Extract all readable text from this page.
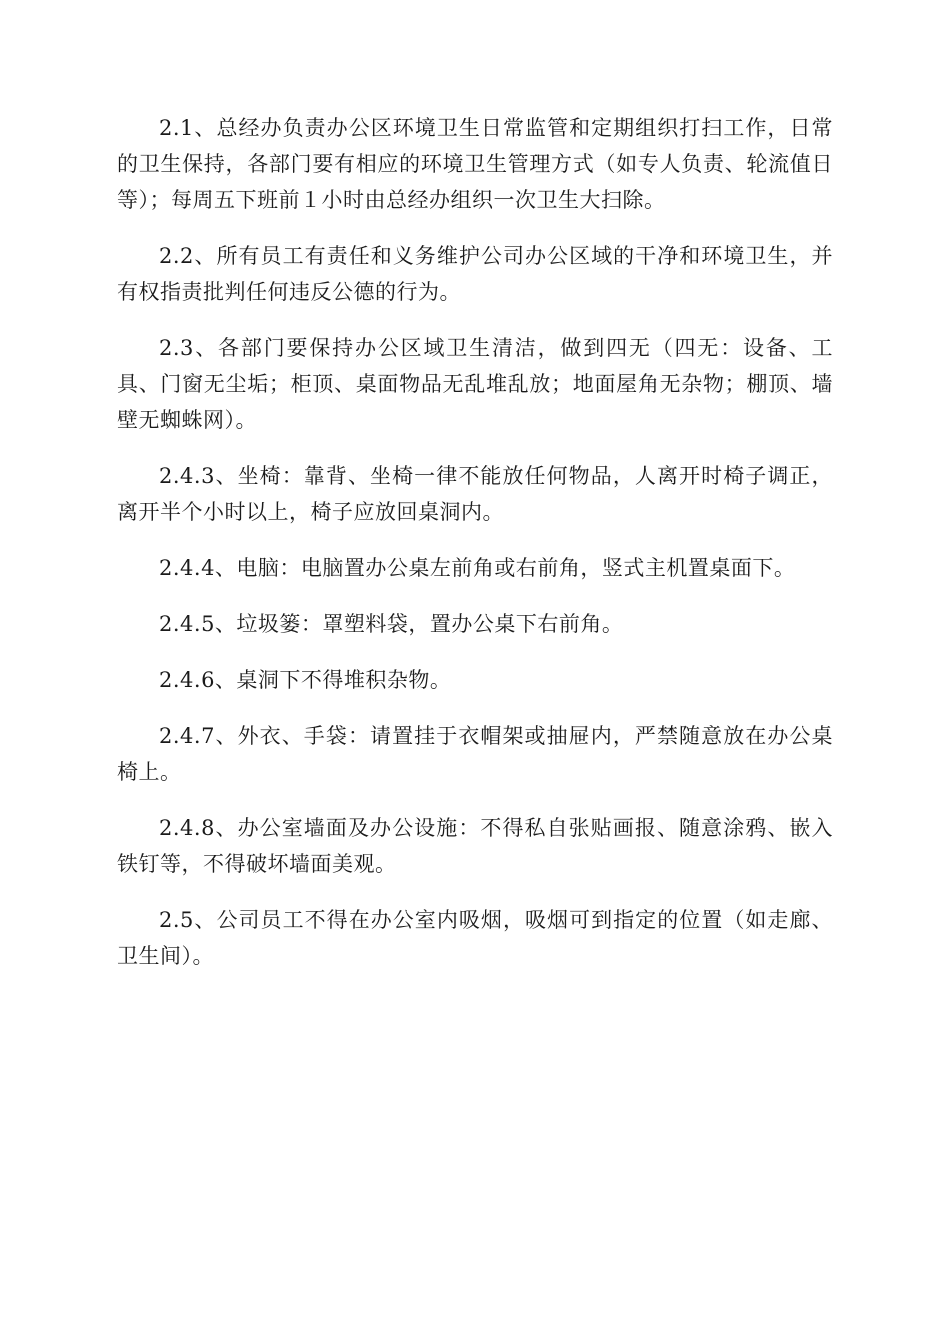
2.1、总经办负责办公区环境卫生日常监管和定期组织打扫工作，日常的卫生保持，各部门要有相应的环境卫生管理方式（如专人负责、轮流值日等）；每周五下班前１小时由总经办组织一次卫生大扫除。

2.2、所有员工有责任和义务维护公司办公区域的干净和环境卫生，并有权指责批判任何违反公德的行为。

2.3、各部门要保持办公区域卫生清洁，做到四无（四无：设备、工具、门窗无尘垢；柜顶、桌面物品无乱堆乱放；地面屋角无杂物；棚顶、墙壁无蜘蛛网）。

2.4.3、坐椅：靠背、坐椅一律不能放任何物品，人离开时椅子调正，离开半个小时以上，椅子应放回桌洞内。

2.4.4、电脑：电脑置办公桌左前角或右前角，竖式主机置桌面下。

2.4.5、垃圾篓：罩塑料袋，置办公桌下右前角。

2.4.6、桌洞下不得堆积杂物。

2.4.7、外衣、手袋：请置挂于衣帽架或抽屉内，严禁随意放在办公桌椅上。

2.4.8、办公室墙面及办公设施：不得私自张贴画报、随意涂鸦、嵌入铁钉等，不得破坏墙面美观。

2.5、公司员工不得在办公室内吸烟，吸烟可到指定的位置（如走廊、卫生间）。
